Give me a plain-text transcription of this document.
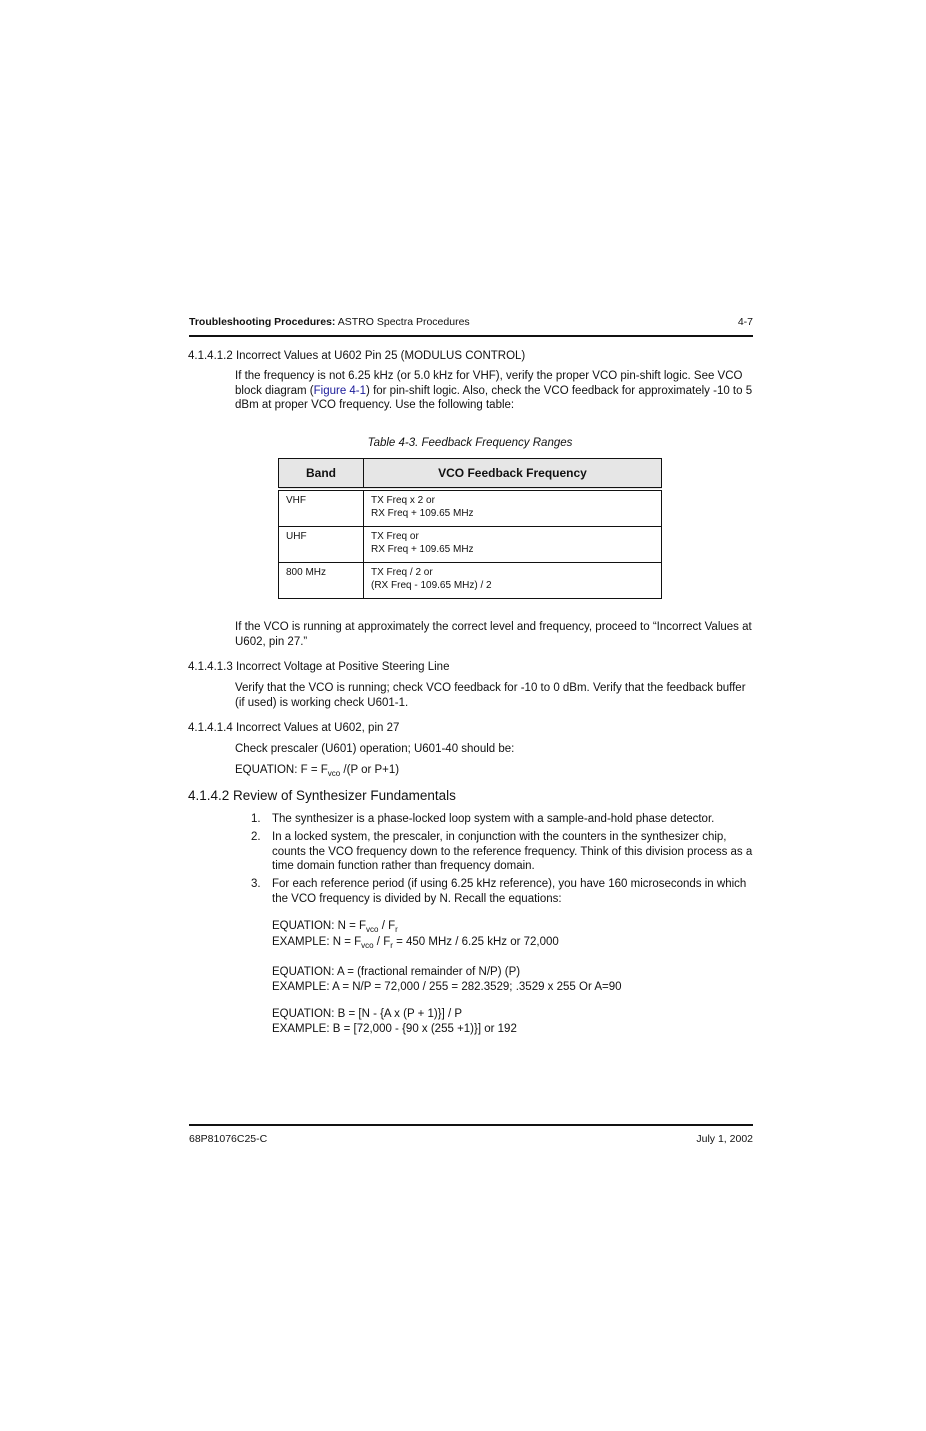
Troubleshooting Procedures: ASTRO Spectra Procedures	4-7
4.1.4.1.2 Incorrect Values at U602 Pin 25 (MODULUS CONTROL)
If the frequency is not 6.25 kHz (or 5.0 kHz for VHF), verify the proper VCO pin-shift logic. See VCO block diagram (Figure 4-1) for pin-shift logic. Also, check the VCO feedback for approximately -10 to 5 dBm at proper VCO frequency. Use the following table:
Table 4-3. Feedback Frequency Ranges
Band	VCO Feedback Frequency
VHF	TX Freq x 2 or
RX Freq + 109.65 MHz

UHF	TX Freq or
RX Freq + 109.65 MHz

800 MHz	TX Freq / 2 or
(RX Freq - 109.65 MHz) / 2
If the VCO is running at approximately the correct level and frequency, proceed to “Incorrect Values at U602, pin 27.”
4.1.4.1.3 Incorrect Voltage at Positive Steering Line
Verify that the VCO is running; check VCO feedback for -10 to 0 dBm. Verify that the feedback buffer (if used) is working check U601-1.
4.1.4.1.4 Incorrect Values at U602, pin 27
Check prescaler (U601) operation; U601-40 should be:
EQUATION: $F = F_{vco}$ /(P or P+1)
4.1.4.2 Review of Synthesizer Fundamentals
1. The synthesizer is a phase-locked loop system with a sample-and-hold phase detector.
2. In a locked system, the prescaler, in conjunction with the counters in the synthesizer chip, counts the VCO frequency down to the reference frequency. Think of this division process as a time domain function rather than frequency domain.
3. For each reference period (if using 6.25 kHz reference), you have 160 microseconds in which the VCO frequency is divided by N. Recall the equations:
EQUATION: $N = F_{vco} / F_r$
EXAMPLE: $N = F_{vco} / F_r = 450$ MHz / 6.25 kHz or 72,000
EQUATION: A = (fractional remainder of N/P) (P)
EXAMPLE: A = N/P = 72,000 / 255 = 282.3529; .3529 x 255 Or A=90
EQUATION: B = [N - {A x (P + 1)}] / P
EXAMPLE: B = [72,000 - {90 x (255 +1)}] or 192
68P81076C25-C	July 1, 2002
